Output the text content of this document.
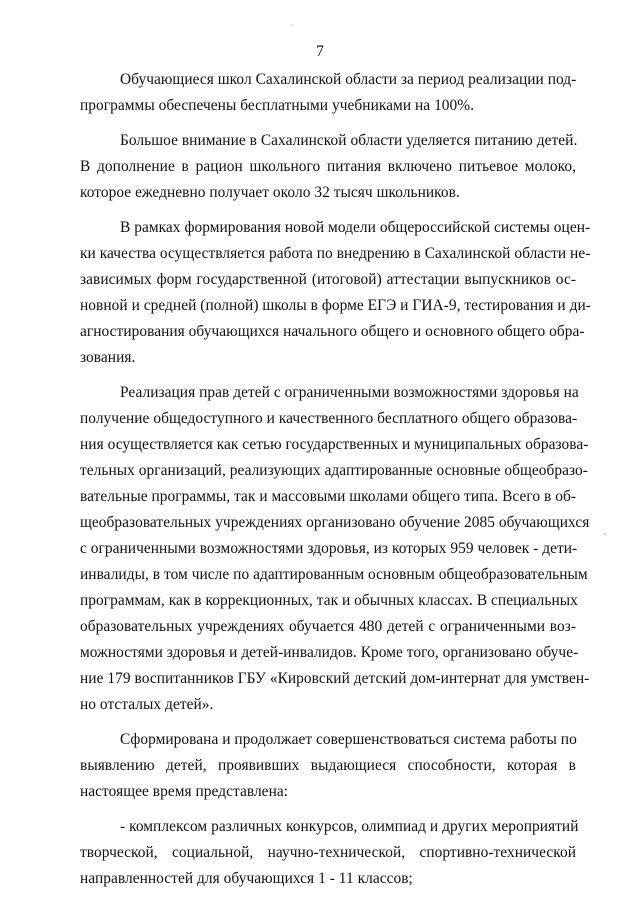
7
Обучающиеся школ Сахалинской области за период реализации под-
программы обеспечены бесплатными учебниками на 100%.
Большое внимание в Сахалинской области уделяется питанию детей.
В дополнение в рацион школьного питания включено питьевое молоко,
которое ежедневно получает около 32 тысяч школьников.
В рамках формирования новой модели общероссийской системы оцен-
ки качества осуществляется работа по внедрению в Сахалинской области не-
зависимых форм государственной (итоговой) аттестации выпускников ос-
новной и средней (полной) школы в форме ЕГЭ и ГИА-9, тестирования и ди-
агностирования обучающихся начального общего и основного общего обра-
зования.
Реализация прав детей с ограниченными возможностями здоровья на
получение общедоступного и качественного бесплатного общего образова-
ния осуществляется как сетью государственных и муниципальных образова-
тельных организаций, реализующих адаптированные основные общеобразо-
вательные программы, так и массовыми школами общего типа. Всего в об-
щеобразовательных учреждениях организовано обучение 2085 обучающихся
с ограниченными возможностями здоровья, из которых 959 человек - дети-
инвалиды, в том числе по адаптированным основным общеобразовательным
программам, как в коррекционных, так и обычных классах. В специальных
образовательных учреждениях обучается 480 детей с ограниченными воз-
можностями здоровья и детей-инвалидов. Кроме того, организовано обуче-
ние 179 воспитанников ГБУ «Кировский детский дом-интернат для умствен-
но отсталых детей».
Сформирована и продолжает совершенствоваться система работы по
выявлению детей, проявивших выдающиеся способности, которая в
настоящее время представлена:
- комплексом различных конкурсов, олимпиад и других мероприятий
творческой, социальной, научно-технической, спортивно-технической
направленностей для обучающихся 1 - 11 классов;
